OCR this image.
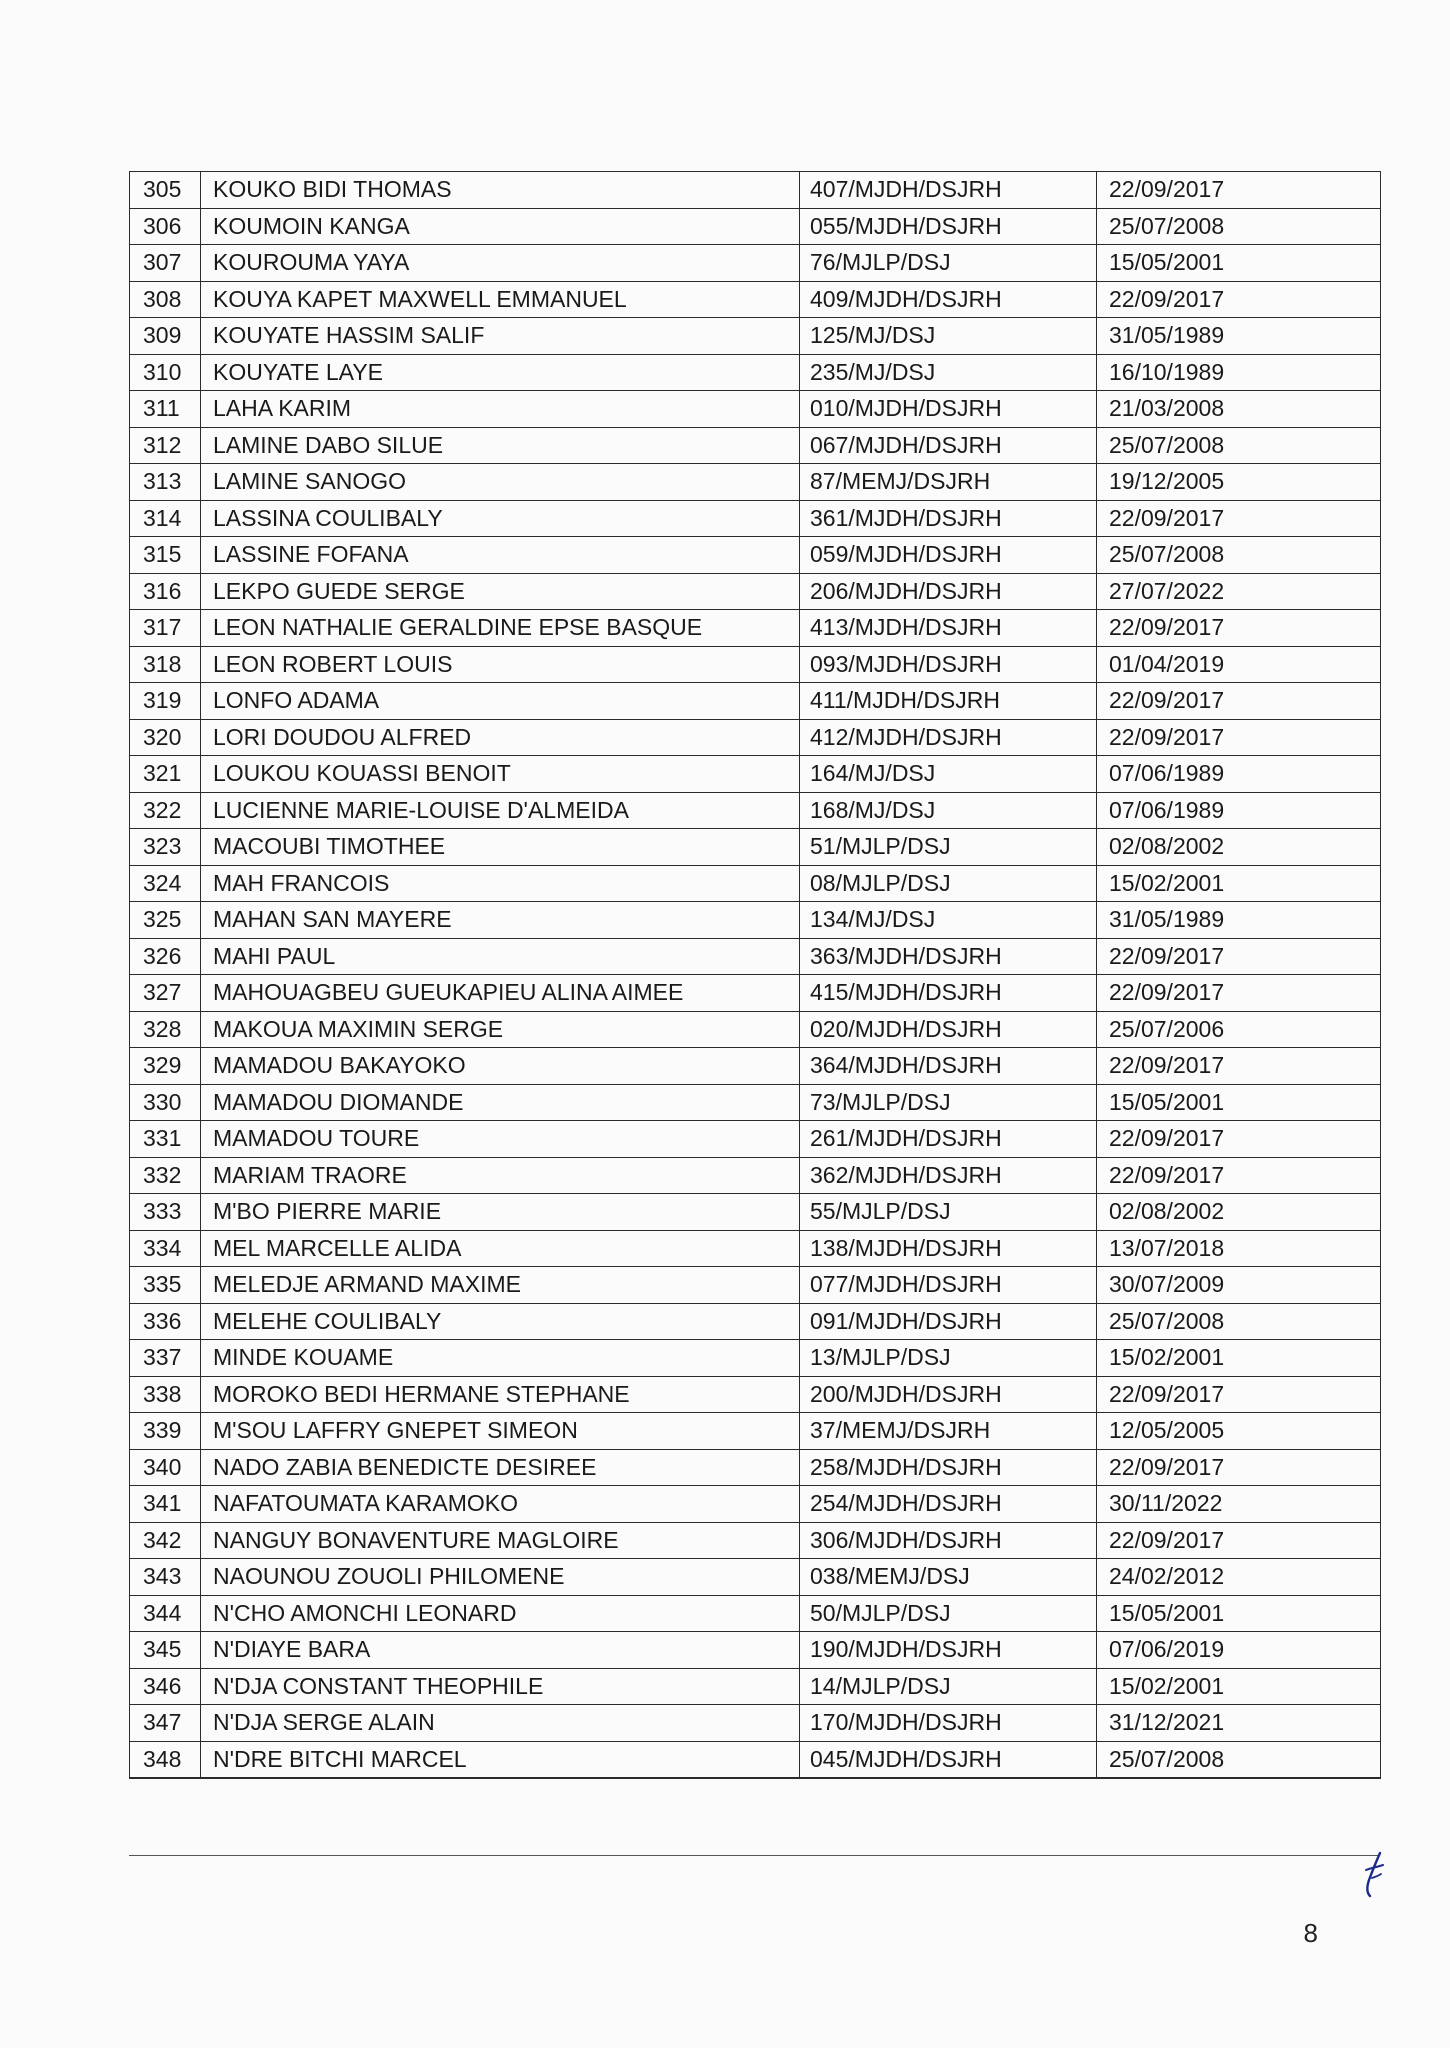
305	KOUKO BIDI THOMAS	407/MJDH/DSJRH	22/09/2017
306	KOUMOIN KANGA	055/MJDH/DSJRH	25/07/2008
307	KOUROUMA YAYA	76/MJLP/DSJ	15/05/2001
308	KOUYA KAPET MAXWELL EMMANUEL	409/MJDH/DSJRH	22/09/2017
309	KOUYATE HASSIM SALIF	125/MJ/DSJ	31/05/1989
310	KOUYATE LAYE	235/MJ/DSJ	16/10/1989
311	LAHA KARIM	010/MJDH/DSJRH	21/03/2008
312	LAMINE DABO SILUE	067/MJDH/DSJRH	25/07/2008
313	LAMINE SANOGO	87/MEMJ/DSJRH	19/12/2005
314	LASSINA COULIBALY	361/MJDH/DSJRH	22/09/2017
315	LASSINE FOFANA	059/MJDH/DSJRH	25/07/2008
316	LEKPO GUEDE SERGE	206/MJDH/DSJRH	27/07/2022
317	LEON NATHALIE GERALDINE EPSE BASQUE	413/MJDH/DSJRH	22/09/2017
318	LEON ROBERT LOUIS	093/MJDH/DSJRH	01/04/2019
319	LONFO ADAMA	411/MJDH/DSJRH	22/09/2017
320	LORI DOUDOU ALFRED	412/MJDH/DSJRH	22/09/2017
321	LOUKOU KOUASSI BENOIT	164/MJ/DSJ	07/06/1989
322	LUCIENNE MARIE-LOUISE D'ALMEIDA	168/MJ/DSJ	07/06/1989
323	MACOUBI TIMOTHEE	51/MJLP/DSJ	02/08/2002
324	MAH FRANCOIS	08/MJLP/DSJ	15/02/2001
325	MAHAN SAN MAYERE	134/MJ/DSJ	31/05/1989
326	MAHI PAUL	363/MJDH/DSJRH	22/09/2017
327	MAHOUAGBEU GUEUKAPIEU ALINA AIMEE	415/MJDH/DSJRH	22/09/2017
328	MAKOUA MAXIMIN SERGE	020/MJDH/DSJRH	25/07/2006
329	MAMADOU BAKAYOKO	364/MJDH/DSJRH	22/09/2017
330	MAMADOU DIOMANDE	73/MJLP/DSJ	15/05/2001
331	MAMADOU TOURE	261/MJDH/DSJRH	22/09/2017
332	MARIAM TRAORE	362/MJDH/DSJRH	22/09/2017
333	M'BO PIERRE MARIE	55/MJLP/DSJ	02/08/2002
334	MEL MARCELLE ALIDA	138/MJDH/DSJRH	13/07/2018
335	MELEDJE ARMAND MAXIME	077/MJDH/DSJRH	30/07/2009
336	MELEHE COULIBALY	091/MJDH/DSJRH	25/07/2008
337	MINDE KOUAME	13/MJLP/DSJ	15/02/2001
338	MOROKO BEDI HERMANE STEPHANE	200/MJDH/DSJRH	22/09/2017
339	M'SOU LAFFRY GNEPET SIMEON	37/MEMJ/DSJRH	12/05/2005
340	NADO ZABIA BENEDICTE DESIREE	258/MJDH/DSJRH	22/09/2017
341	NAFATOUMATA KARAMOKO	254/MJDH/DSJRH	30/11/2022
342	NANGUY BONAVENTURE MAGLOIRE	306/MJDH/DSJRH	22/09/2017
343	NAOUNOU ZOUOLI PHILOMENE	038/MEMJ/DSJ	24/02/2012
344	N'CHO AMONCHI LEONARD	50/MJLP/DSJ	15/05/2001
345	N'DIAYE BARA	190/MJDH/DSJRH	07/06/2019
346	N'DJA CONSTANT THEOPHILE	14/MJLP/DSJ	15/02/2001
347	N'DJA SERGE ALAIN	170/MJDH/DSJRH	31/12/2021
348	N'DRE BITCHI MARCEL	045/MJDH/DSJRH	25/07/2008
8
